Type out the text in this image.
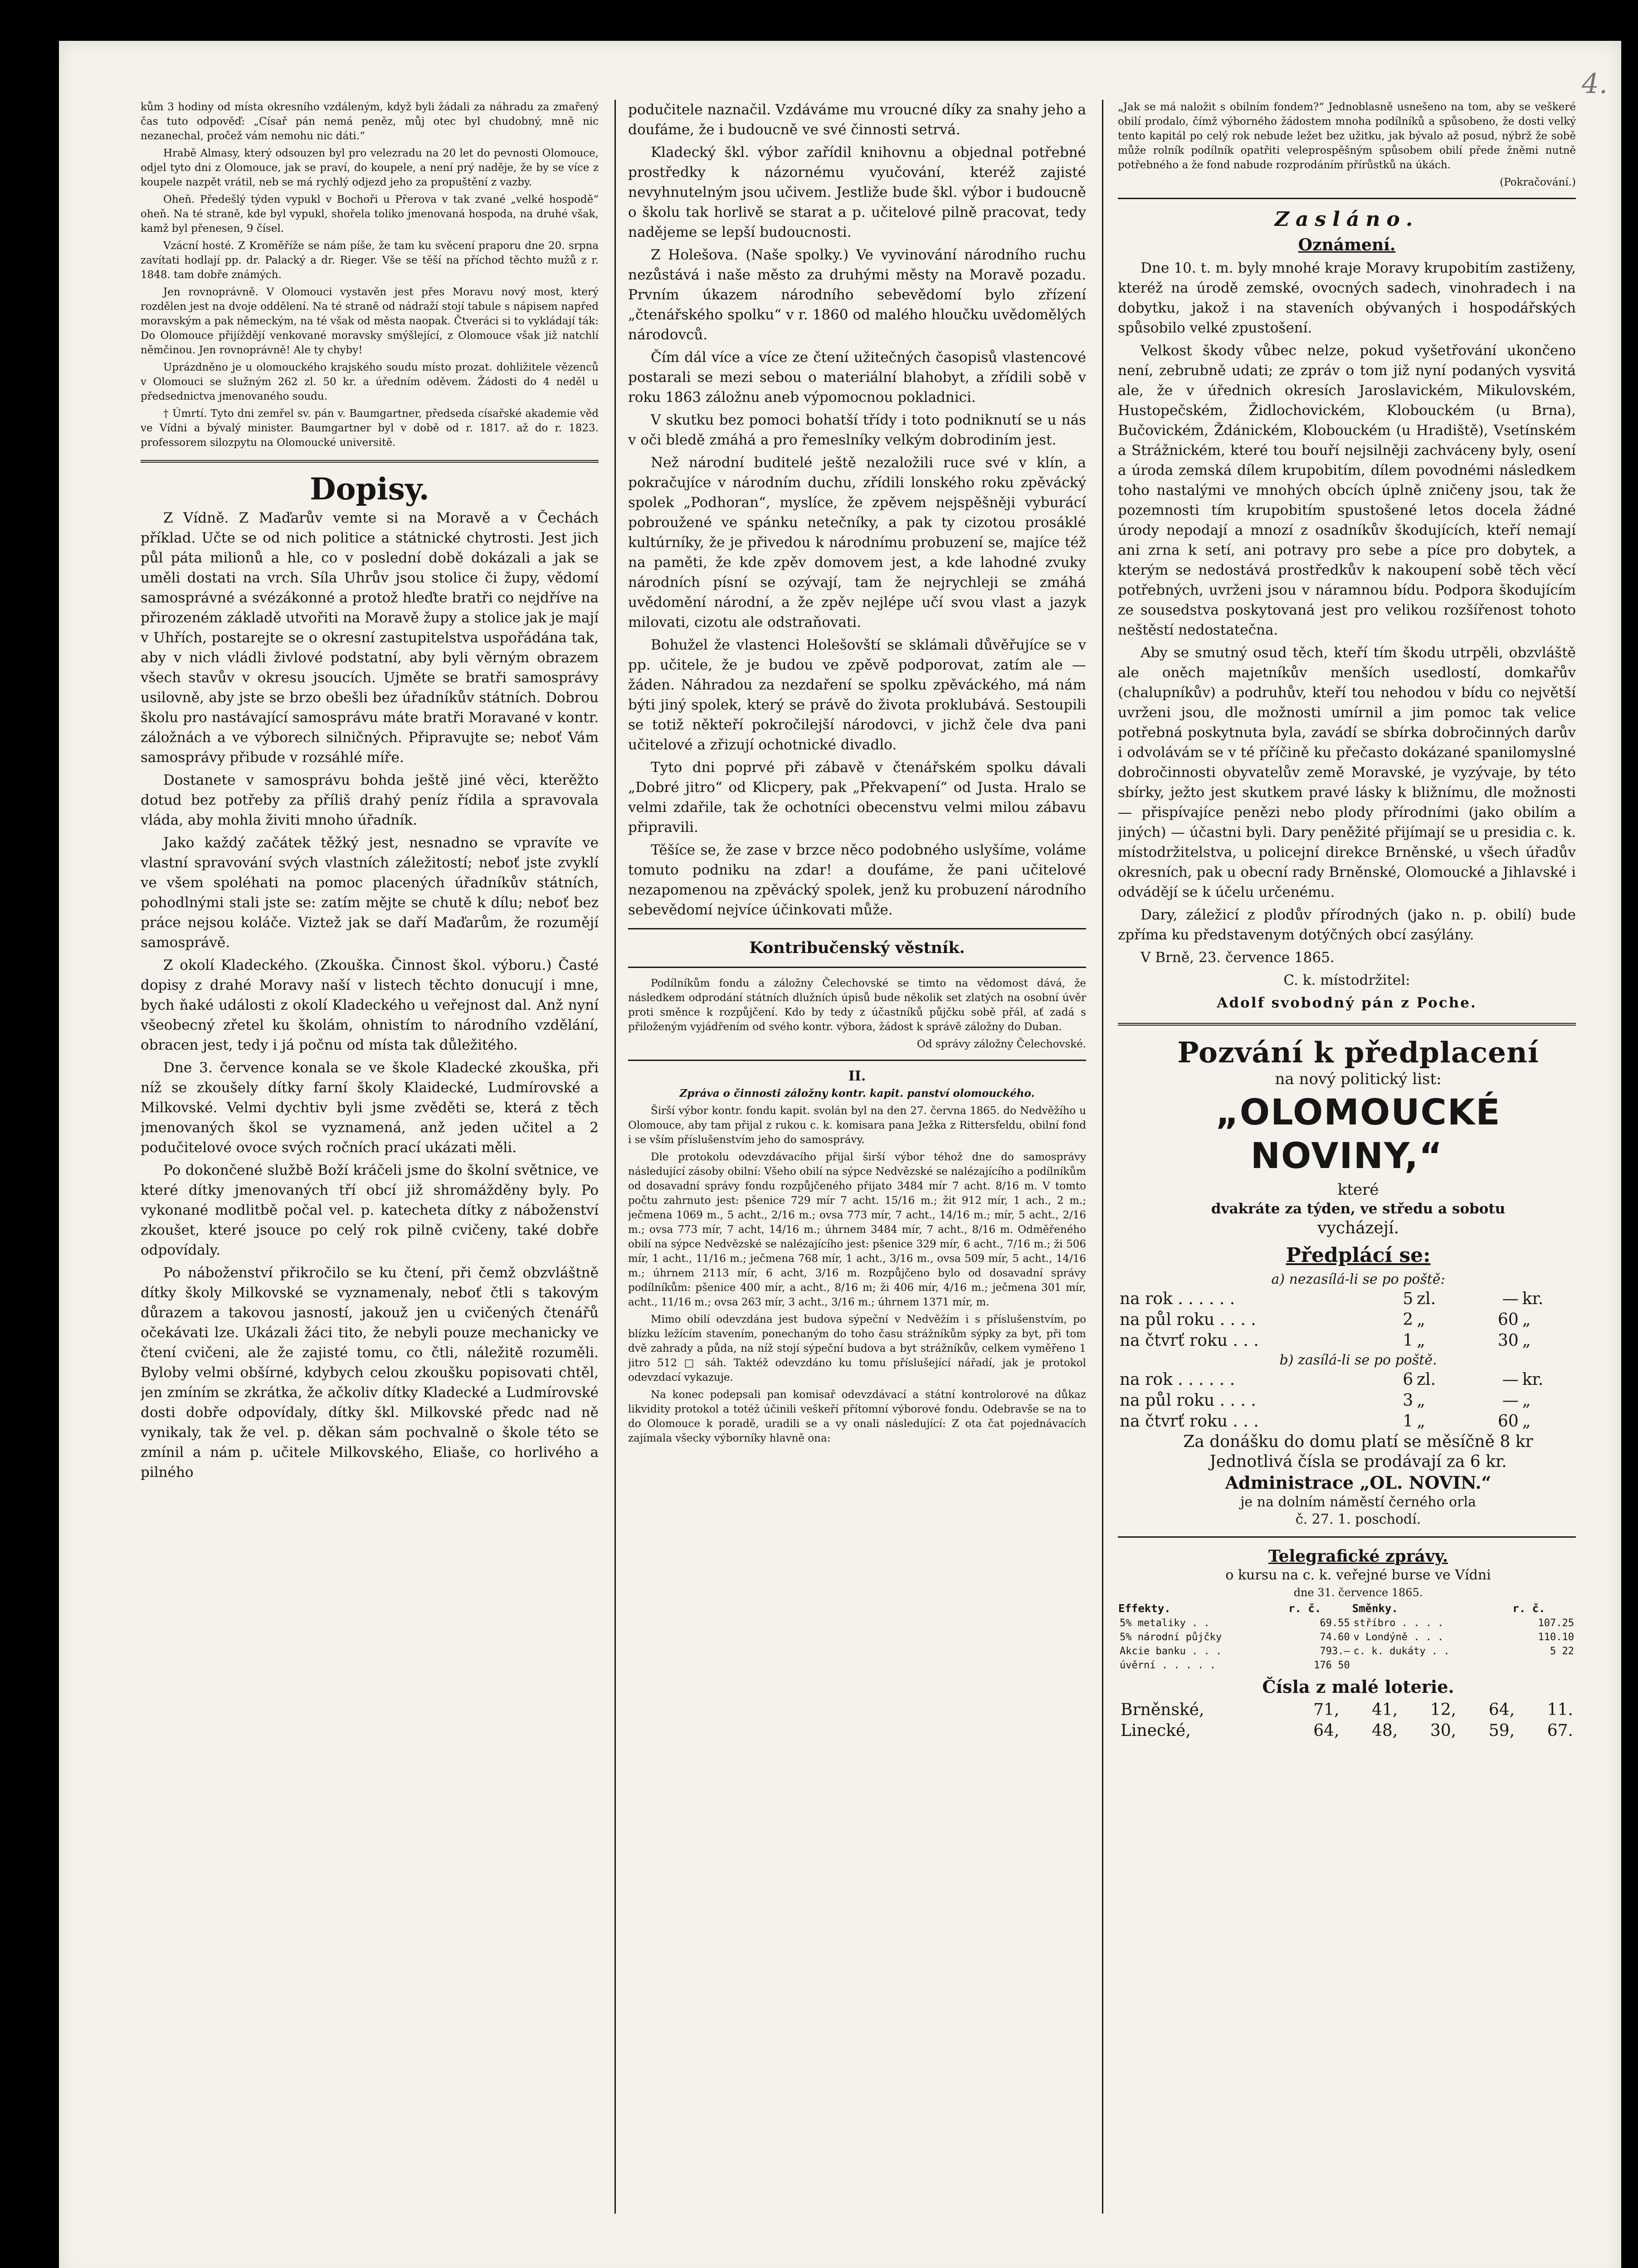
4.

kům 3 hodiny od místa okresního vzdáleným, když byli žádali za náhradu za zmařený čas tuto odpověď: „Císař pán nemá peněz, můj otec byl chudobný, mně nic nezanechal, pročež vám nemohu nic dáti.“

Hrabě Almasy, který odsouzen byl pro velezradu na 20 let do pevnosti Olomouce, odjel tyto dni z Olomouce, jak se praví, do koupele, a není prý naděje, že by se více z koupele nazpět vrátil, neb se má rychlý odjezd jeho za propuštění z vazby.

Oheň. Předešlý týden vypukl v Bochoři u Přerova v tak zvané „velké hospodě“ oheň. Na té straně, kde byl vypukl, shořela toliko jmenovaná hospoda, na druhé však, kamž byl přenesen, 9 čísel.

Vzácní hosté. Z Kroměříže se nám píše, že tam ku svěcení praporu dne 20. srpna zavítati hodlají pp. dr. Palacký a dr. Rieger. Vše se těší na příchod těchto mužů z r. 1848. tam dobře známých.

Jen rovnoprávně. V Olomouci vystavěn jest přes Moravu nový most, který rozdělen jest na dvoje oddělení. Na té straně od nádraží stojí tabule s nápisem napřed moravským a pak německým, na té však od města naopak. Čtveráci si to vykládají ták: Do Olomouce přijíždějí venkované moravsky smýšlející, z Olomouce však již natchlí němčinou. Jen rovnoprávně! Ale ty chyby!

Uprázdněno je u olomouckého krajského soudu místo prozat. dohližitele vězenců v Olomouci se služným 262 zl. 50 kr. a úředním oděvem. Žádosti do 4 neděl u předsednictva jmenovaného soudu.

† Úmrtí. Tyto dni zemřel sv. pán v. Baumgartner, předseda císařské akademie věd ve Vídni a bývalý minister. Baumgartner byl v době od r. 1817. až do r. 1823. professorem silozpytu na Olomoucké universitě.

Dopisy.

Z Vídně. Z Maďarův vemte si na Moravě a v Čechách příklad. Učte se od nich politice a státnické chytrosti. Jest jich půl páta milionů a hle, co v poslední době dokázali a jak se uměli dostati na vrch. Síla Uhrův jsou stolice či župy, vědomí samosprávné a svézákonné a protož hleďte bratři co nejdříve na přirozeném základě utvořiti na Moravě župy a stolice jak je mají v Uhřích, postarejte se o okresní zastupitelstva uspořádána tak, aby v nich vládli živlové podstatní, aby byli věrným obrazem všech stavův v okresu jsoucích. Ujměte se bratři samosprávy usilovně, aby jste se brzo obešli bez úřadníkův státních. Dobrou školu pro nastávající samosprávu máte bratři Moravané v kontr. záložnách a ve výborech silničných. Připravujte se; neboť Vám samosprávy přibude v rozsáhlé míře.

Dostanete v samosprávu bohda ještě jiné věci, kterěžto dotud bez potřeby za příliš drahý peníz řídila a spravovala vláda, aby mohla živiti mnoho úřadník.

Jako každý začátek těžký jest, nesnadno se vpravíte ve vlastní spravování svých vlastních záležitostí; neboť jste zvyklí ve všem spoléhati na pomoc placených úřadníkův státních, pohodlnými stali jste se: zatím mějte se chutě k dílu; neboť bez práce nejsou koláče. Viztež jak se daří Maďarům, že rozumějí samosprávě.

Z okolí Kladeckého. (Zkouška. Činnost škol. výboru.) Časté dopisy z drahé Moravy naší v listech těchto donucují i mne, bych ňaké události z okolí Kladeckého u veřejnost dal. Anž nyní všeobecný zřetel ku školám, ohnistím to národního vzdělání, obracen jest, tedy i já počnu od místa tak důležitého.

Dne 3. července konala se ve škole Kladecké zkouška, při níž se zkoušely dítky farní školy Klaidecké, Ludmírovské a Milkovské. Velmi dychtiv byli jsme zvěděti se, která z těch jmenovaných škol se vyznamená, anž jeden učitel a 2 podučitelové ovoce svých ročních prací ukázati měli.

Po dokončené službě Boží kráčeli jsme do školní světnice, ve které dítky jmenovaných tří obcí již shromážděny byly. Po vykonané modlitbě počal vel. p. katecheta dítky z náboženství zkoušet, které jsouce po celý rok pilně cvičeny, také dobře odpovídaly.

Po náboženství přikročilo se ku čtení, při čemž obzvláštně dítky školy Milkovské se vyznamenaly, neboť čtli s takovým důrazem a takovou jasností, jakouž jen u cvičených čtenářů očekávati lze. Ukázali žáci tito, že nebyli pouze mechanicky ve čtení cvičeni, ale že zajisté tomu, co čtli, náležitě rozuměli. Byloby velmi obšírné, kdybych celou zkoušku popisovati chtěl, jen zmíním se zkrátka, že ačkoliv dítky Kladecké a Ludmírovské dosti dobře odpovídaly, dítky škl. Milkovské předc nad ně vynikaly, tak že vel. p. děkan sám pochvalně o škole této se zmínil a nám p. učitele Milkovského, Eliaše, co horlivého a pilného

podučitele naznačil. Vzdáváme mu vroucné díky za snahy jeho a doufáme, že i budoucně ve své činnosti setrvá.

Kladecký škl. výbor zařídil knihovnu a objednal potřebné prostředky k názornému vyučování, kteréž zajisté nevyhnutelným jsou učivem. Jestliže bude škl. výbor i budoucně o školu tak horlivě se starat a p. učitelové pilně pracovat, tedy nadějeme se lepší budoucnosti.

Z Holešova. (Naše spolky.) Ve vyvinování národního ruchu nezůstává i naše město za druhými městy na Moravě pozadu. Prvním úkazem národního sebevědomí bylo zřízení „čtenářského spolku“ v r. 1860 od malého hloučku uvědomělých národovců.

Čím dál více a více ze čtení užitečných časopisů vlastencové postarali se mezi sebou o materiální blahobyt, a zřídili sobě v roku 1863 záložnu aneb výpomocnou pokladnici.

V skutku bez pomoci bohatší třídy i toto podniknutí se u nás v oči bledě zmáhá a pro řemeslníky velkým dobrodiním jest.

Než národní buditelé ještě nezaložili ruce své v klín, a pokračujíce v národním duchu, zřídili lonského roku zpěvácký spolek „Podhoran“, myslíce, že zpěvem nejspěšněji vyburácí pobroužené ve spánku netečníky, a pak ty cizotou prosáklé kultúrníky, že je přivedou k národnímu probuzení se, majíce též na paměti, že kde zpěv domovem jest, a kde lahodné zvuky národních písní se ozývají, tam že nejrychleji se zmáhá uvědomění národní, a že zpěv nejlépe učí svou vlast a jazyk milovati, cizotu ale odstraňovati.

Bohužel že vlastenci Holešovští se sklámali důvěřujíce se v pp. učitele, že je budou ve zpěvě podporovat, zatím ale — žáden. Náhradou za nezdaření se spolku zpěváckého, má nám býti jiný spolek, který se právě do života proklubává. Sestoupili se totiž někteří pokročilejší národovci, v jichž čele dva pani učitelové a zřizují ochotnické divadlo.

Tyto dni poprvé při zábavě v čtenářském spolku dávali „Dobré jitro“ od Klicpery, pak „Překvapení“ od Justa. Hralo se velmi zdařile, tak že ochotníci obecenstvu velmi milou zábavu připravili.

Těšíce se, že zase v brzce něco podobného uslyšíme, voláme tomuto podniku na zdar! a doufáme, že pani učitelové nezapomenou na zpěvácký spolek, jenž ku probuzení národního sebevědomí nejvíce účinkovati může.

Kontribučenský věstník.

Podílníkům fondu a záložny Čelechovské se timto na vědomost dává, že následkem odprodání státních dlužních úpisů bude několik set zlatých na osobní úvěr proti směnce k rozpůjčení. Kdo by tedy z účastníků půjčku sobě přál, ať zadá s přiloženým vyjádřením od svého kontr. výbora, žádost k správě záložny do Duban.

Od správy záložny Čelechovské.

II.

Zpráva o činnosti záložny kontr. kapit. panství olomouckého.

Širší výbor kontr. fondu kapit. svolán byl na den 27. června 1865. do Nedvěžího u Olomouce, aby tam přijal z rukou c. k. komisara pana Ježka z Rittersfeldu, obilní fond i se vším příslušenstvím jeho do samosprávy.

Dle protokolu odevzdávacího přijal širší výbor téhož dne do samosprávy následující zásoby obilní: Všeho obilí na sýpce Nedvězské se nalézajícího a podílníkům od dosavadní správy fondu rozpůjčeného přijato 3484 mír 7 acht. 8/16 m. V tomto počtu zahrnuto jest: pšenice 729 mír 7 acht. 15/16 m.; žit 912 mír, 1 ach., 2 m.; ječmena 1069 m., 5 acht., 2/16 m.; ovsa 773 mír, 7 acht., 14/16 m.; mír, 5 acht., 2/16 m.; ovsa 773 mír, 7 acht, 14/16 m.; úhrnem 3484 mír, 7 acht., 8/16 m. Odměřeného obilí na sýpce Nedvězské se nalézajícího jest: pšenice 329 mír, 6 acht., 7/16 m.; ži 506 mír, 1 acht., 11/16 m.; ječmena 768 mír, 1 acht., 3/16 m., ovsa 509 mír, 5 acht., 14/16 m.; úhrnem 2113 mír, 6 acht, 3/16 m. Rozpůjčeno bylo od dosavadní správy podílníkům: pšenice 400 mír, a acht., 8/16 m; ži 406 mír, 4/16 m.; ječmena 301 mír, acht., 11/16 m.; ovsa 263 mír, 3 acht., 3/16 m.; úhrnem 1371 mír, m.

Mimo obilí odevzdána jest budova sýpeční v Nedvěžím i s příslušenstvím, po blízku ležícím stavením, ponechaným do toho času strážníkům sýpky za byt, při tom dvě zahrady a půda, na níž stojí sýpeční budova a byt strážníkův, celkem vyměřeno 1 jitro 512 □ sáh. Taktéž odevzdáno ku tomu příslušející nářadí, jak je protokol odevzdací vykazuje.

Na konec podepsali pan komisař odevzdávací a státní kontrolorové na důkaz likvidity protokol a totéž účinili veškeří přítomní výborové fondu. Odebravše se na to do Olomouce k poradě, uradili se a vy onali následující: Z ota čat pojednávacích zajímala všecky výborníky hlavně ona:

„Jak se má naložit s obilním fondem?“ Jednoblasně usnešeno na tom, aby se veškeré obilí prodalo, čímž výborného žádostem mnoha podílníků a spůsobeno, že dosti velký tento kapitál po celý rok nebude ležet bez užitku, jak bývalo až posud, nýbrž že sobě může rolník podílník opatřiti veleprospěšným spůsobem obilí přede žněmi nutně potřebného a že fond nabude rozprodáním přírůstků na úkách.

(Pokračování.)

Zasláno.
Oznámení.

Dne 10. t. m. byly mnohé kraje Moravy krupobitím zastiženy, kteréž na úrodě zemské, ovocných sadech, vinohradech i na dobytku, jakož i na staveních obývaných i hospodářských spůsobilo velké zpustošení.

Velkost škody vůbec nelze, pokud vyšetřování ukončeno není, zebrubně udati; ze zpráv o tom již nyní podaných vysvitá ale, že v úřednich okresích Jaroslavickém, Mikulovském, Hustopečském, Židlochovickém, Klobouckém (u Brna), Bučovickém, Ždánickém, Klobouckém (u Hradiště), Vsetínském a Strážnickém, které tou bouří nejsilněji zachváceny byly, osení a úroda zemská dílem krupobitím, dílem povodnémi následkem toho nastalými ve mnohých obcích úplně zničeny jsou, tak že pozemnosti tím krupobitím spustošené letos docela žádné úrody nepodají a mnozí z osadníkův škodujících, kteří nemají ani zrna k setí, ani potravy pro sebe a píce pro dobytek, a kterým se nedostává prostředkův k nakoupení sobě těch věcí potřebných, uvrženi jsou v náramnou bídu. Podpora škodujícím ze sousedstva poskytovaná jest pro velikou rozšířenost tohoto neštěstí nedostatečna.

Aby se smutný osud těch, kteří tím škodu utrpěli, obzvláště ale oněch majetníkův menších usedlostí, domkařův (chalupníkův) a podruhův, kteří tou nehodou v bídu co největší uvrženi jsou, dle možnosti umírnil a jim pomoc tak velice potřebná poskytnuta byla, zavádí se sbírka dobročinných darův i odvolávám se v té příčině ku přečasto dokázané spanilomyslné dobročinnosti obyvatelův země Moravské, je vyzývaje, by této sbírky, ježto jest skutkem pravé lásky k bližnímu, dle možnosti — přispívajíce penězi nebo plody přírodními (jako obilím a jiných) — účastni byli. Dary peněžité přijímají se u presidia c. k. místodržitelstva, u policejní direkce Brněnské, u všech úřadův okresních, pak u obecní rady Brněnské, Olomoucké a Jihlavské i odvádějí se k účelu určenému.

Dary, záležicí z plodův přírodných (jako n. p. obilí) bude zpříma ku představenym dotýčných obcí zasýlány.

V Brně, 23. července 1865.

C. k. místodržitel:

Adolf svobodný pán z Poche.

Pozvání k předplacení

na nový politický list:

„OLOMOUCKÉ NOVINY,“

které

dvakráte za týden, ve středu a sobotu

vycházejí.

Předplácí se:

a) nezasílá-li se po poště:

na rok . . . . . .	5	zl.	—	kr.
na půl roku . . . .	2	„	60	„
na čtvrť roku . . .	1	„	30	„

b) zasílá-li se po poště.

na rok . . . . . .	6	zl.	—	kr.
na půl roku . . . .	3	„	—	„
na čtvrť roku . . .	1	„	60	„

Za donášku do domu platí se měsíčně 8 kr

Jednotlivá čísla se prodávají za 6 kr.

Administrace „OL. NOVIN.“

je na dolním náměstí černého orla

č. 27. 1. poschodí.

Telegrafické zprávy.

o kursu na c. k. veřejné burse ve Vídni

dne 31. července 1865.

Effekty.	r. č.	Směnky.	r. č.
5% metaliky . .	69.55	stříbro . . . .	107.25
5% národní půjčky	74.60	v Londýně . . .	110.10
Akcie banku . . .	793.—	c. k. dukáty . .	5 22
úvěrní . . . . .	176 50		

Čísla z malé loterie.

Brněnské,	71,	41,	12,	64,	11.
Linecké,	64,	48,	30,	59,	67.
